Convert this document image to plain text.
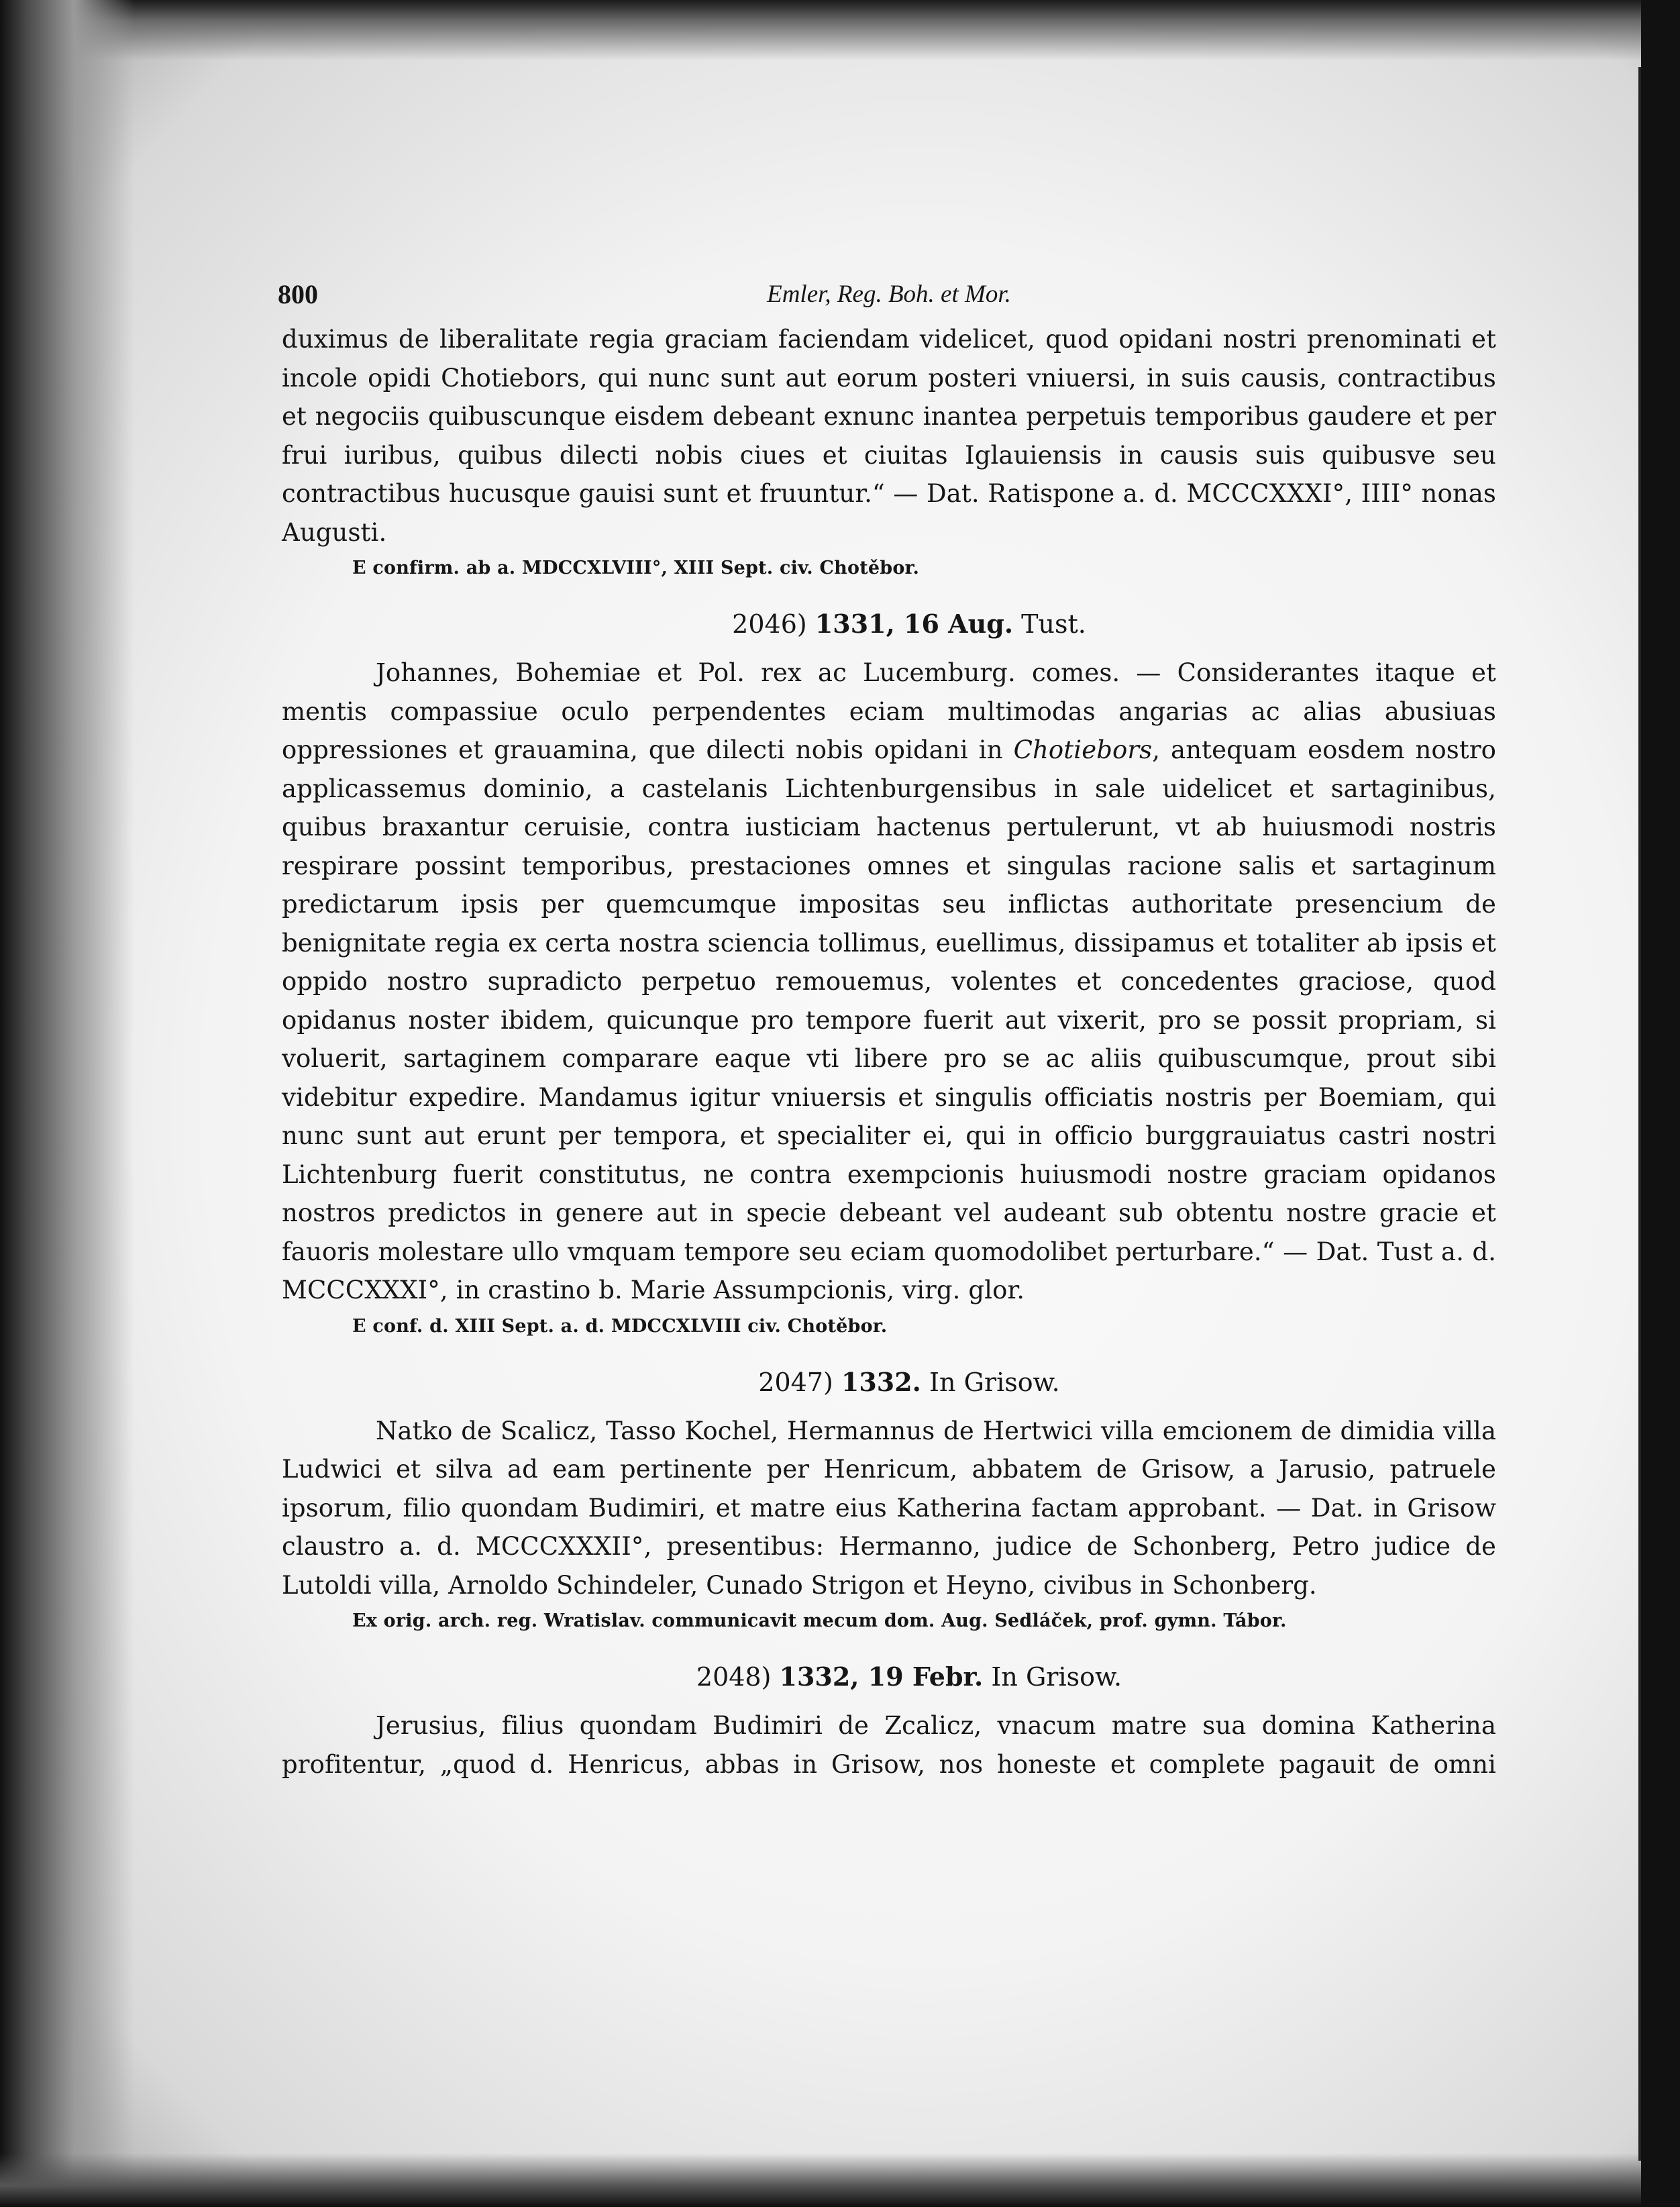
800	Emler, Reg. Boh. et Mor.

duximus de liberalitate regia graciam faciendam videlicet, quod opidani nostri prenominati et incole opidi Chotiebors, qui nunc sunt aut eorum posteri vniuersi, in suis causis, contractibus et negociis quibuscunque eisdem debeant exnunc inantea perpetuis temporibus gaudere et per frui iuribus, quibus dilecti nobis ciues et ciuitas Iglauiensis in causis suis quibusve seu contractibus hucusque gauisi sunt et fruuntur.“ — Dat. Ratispone a. d. MCCCXXXI°, IIII° nonas Augusti.

E confirm. ab a. MDCCXLVIII°, XIII Sept. civ. Chotěbor.
2046) 1331, 16 Aug. Tust.

Johannes, Bohemiae et Pol. rex ac Lucemburg. comes. — Considerantes itaque et mentis compassiue oculo perpendentes eciam multimodas angarias ac alias abusiuas oppressiones et grauamina, que dilecti nobis opidani in Chotiebors, antequam eosdem nostro applicassemus dominio, a castelanis Lichtenburgensibus in sale uidelicet et sartaginibus, quibus braxantur ceruisie, contra iusticiam hactenus pertulerunt, vt ab huiusmodi nostris respirare possint temporibus, prestaciones omnes et singulas racione salis et sartaginum predictarum ipsis per quemcumque impositas seu inflictas authoritate presencium de benignitate regia ex certa nostra sciencia tollimus, euellimus, dissipamus et totaliter ab ipsis et oppido nostro supradicto perpetuo remouemus, volentes et concedentes graciose, quod opidanus noster ibidem, quicunque pro tempore fuerit aut vixerit, pro se possit propriam, si voluerit, sartaginem comparare eaque vti libere pro se ac aliis quibuscumque, prout sibi videbitur expedire. Mandamus igitur vniuersis et singulis officiatis nostris per Boemiam, qui nunc sunt aut erunt per tempora, et specialiter ei, qui in officio burggrauiatus castri nostri Lichtenburg fuerit constitutus, ne contra exempcionis huiusmodi nostre graciam opidanos nostros predictos in genere aut in specie debeant vel audeant sub obtentu nostre gracie et fauoris molestare ullo vmquam tempore seu eciam quomodolibet perturbare.“ — Dat. Tust a. d. MCCCXXXI°, in crastino b. Marie Assumpcionis, virg. glor.

E conf. d. XIII Sept. a. d. MDCCXLVIII civ. Chotěbor.
2047) 1332. In Grisow.

Natko de Scalicz, Tasso Kochel, Hermannus de Hertwici villa emcionem de dimidia villa Ludwici et silva ad eam pertinente per Henricum, abbatem de Grisow, a Jarusio, patruele ipsorum, filio quondam Budimiri, et matre eius Katherina factam approbant. — Dat. in Grisow claustro a. d. MCCCXXXII°, presentibus: Hermanno, judice de Schonberg, Petro judice de Lutoldi villa, Arnoldo Schindeler, Cunado Strigon et Heyno, civibus in Schonberg.

Ex orig. arch. reg. Wratislav. communicavit mecum dom. Aug. Sedláček, prof. gymn. Tábor.
2048) 1332, 19 Febr. In Grisow.

Jerusius, filius quondam Budimiri de Zcalicz, vnacum matre sua domina Katherina profitentur, „quod d. Henricus, abbas in Grisow, nos honeste et complete pagauit de omni
